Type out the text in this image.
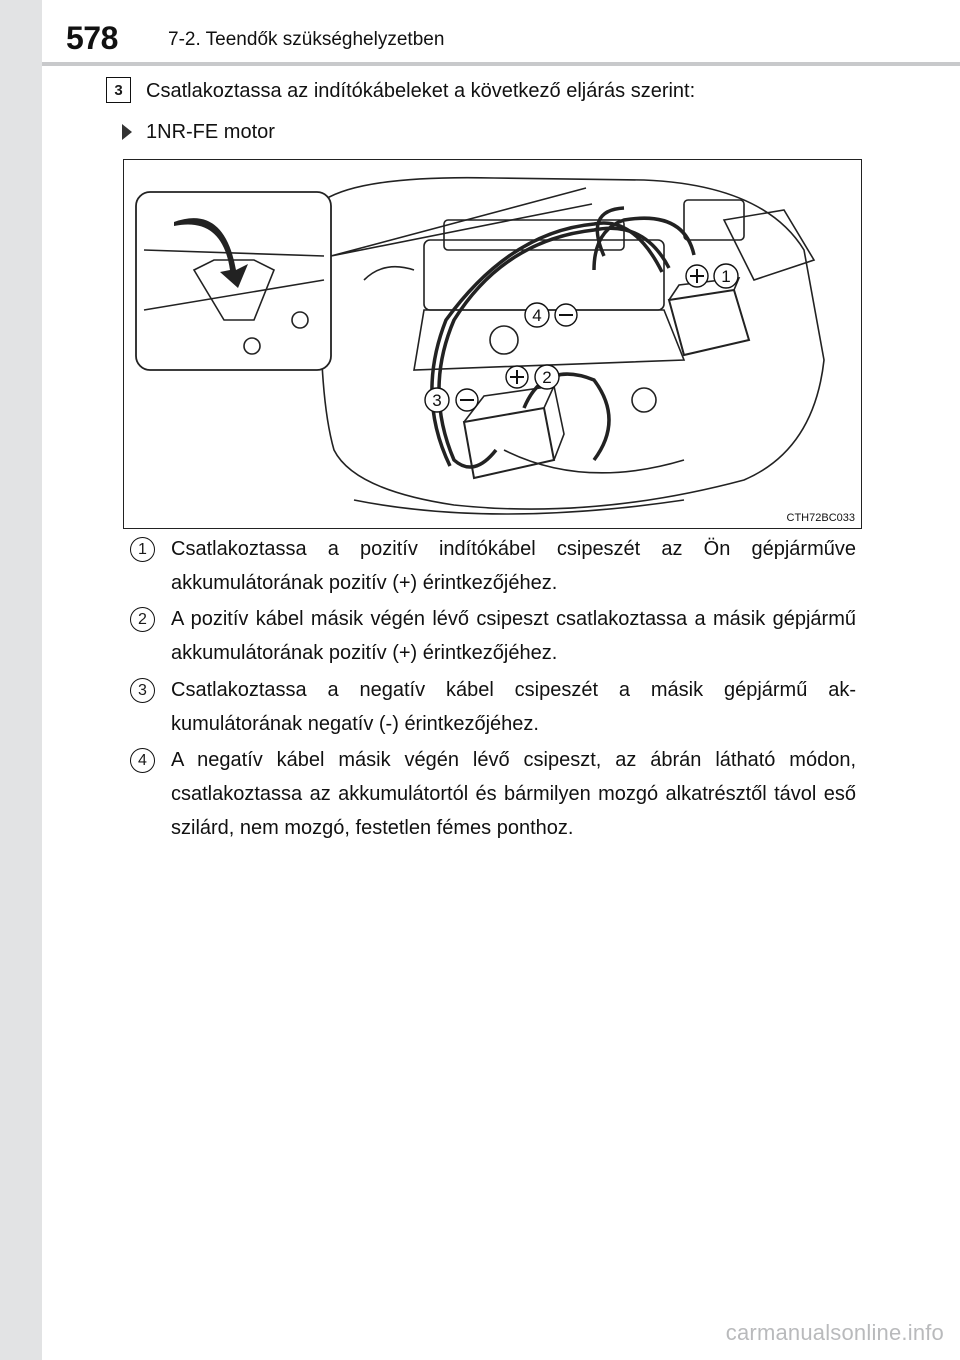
578	7-2. Teendők szükséghelyzetben
3	Csatlakoztassa az indítókábeleket a következő eljárás szerint:
1NR-FE motor
1
2
3
4
CTH72BC033
1	Csatlakoztassa a pozitív indítókábel csipeszét az Ön gépjárműve akkumulátorának pozitív (+) érintkezőjéhez.
2	A pozitív kábel másik végén lévő csipeszt csatlakoztassa a másik gépjármű akkumulátorának pozitív (+) érintkezőjéhez.
3	Csatlakoztassa a negatív kábel csipeszét a másik gépjármű akkumulátorának negatív (-) érintkezőjéhez.
4	A negatív kábel másik végén lévő csipeszt, az ábrán látható módon, csatlakoztassa az akkumulátortól és bármilyen mozgó alkatrésztől távol eső szilárd, nem mozgó, festetlen fémes ponthoz.
carmanualsonline.info
